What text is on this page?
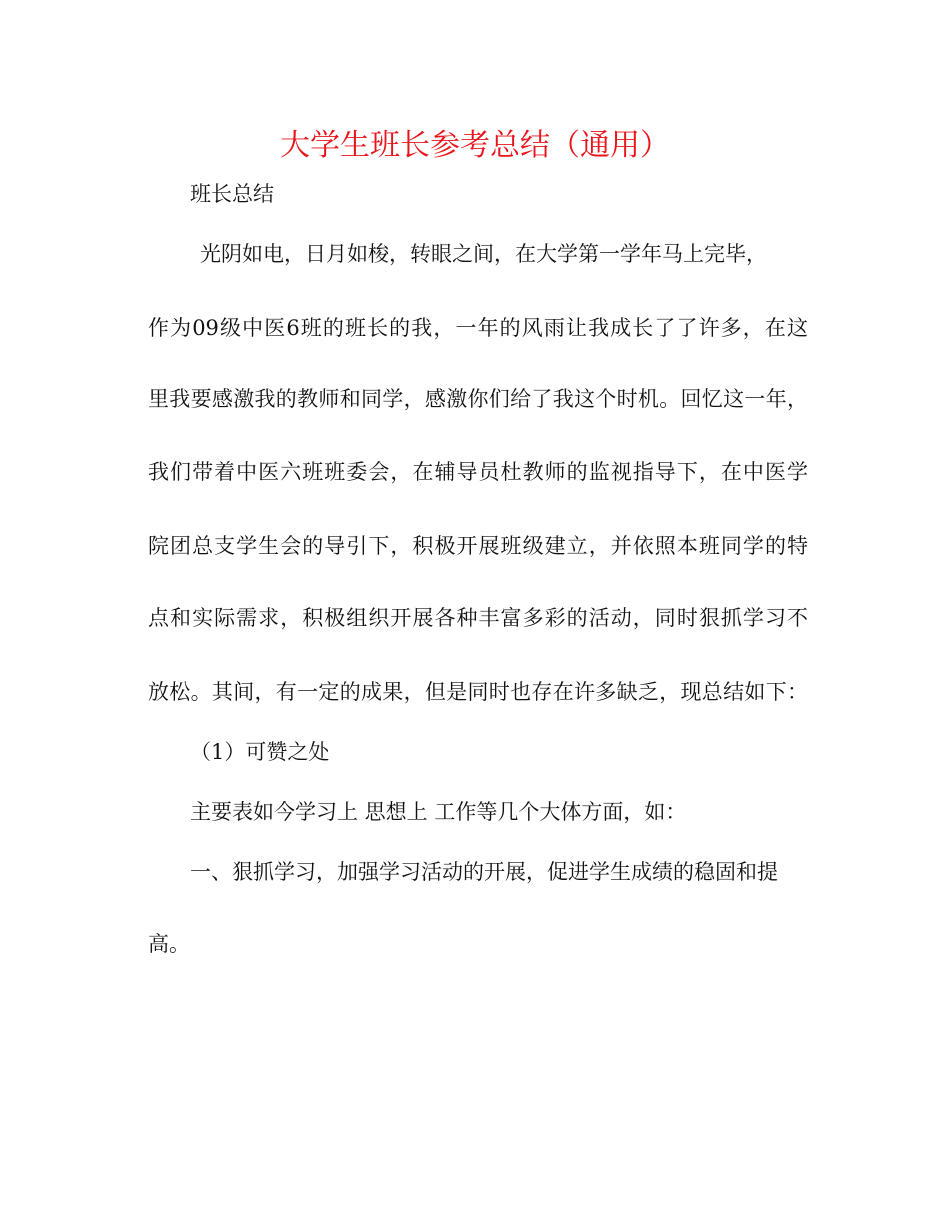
大学生班长参考总结（通用）
班长总结
光阴如电，日月如梭，转眼之间，在大学第一学年马上完毕，
作为09级中医6班的班长的我，一年的风雨让我成长了了许多，在这
里我要感激我的教师和同学，感激你们给了我这个时机。回忆这一年，
我们带着中医六班班委会，在辅导员杜教师的监视指导下，在中医学
院团总支学生会的导引下，积极开展班级建立，并依照本班同学的特
点和实际需求，积极组织开展各种丰富多彩的活动，同时狠抓学习不
放松。其间，有一定的成果，但是同时也存在许多缺乏，现总结如下：
（1）可赞之处
主要表如今学习上 思想上 工作等几个大体方面，如：
一、狠抓学习，加强学习活动的开展，促进学生成绩的稳固和提
高。
